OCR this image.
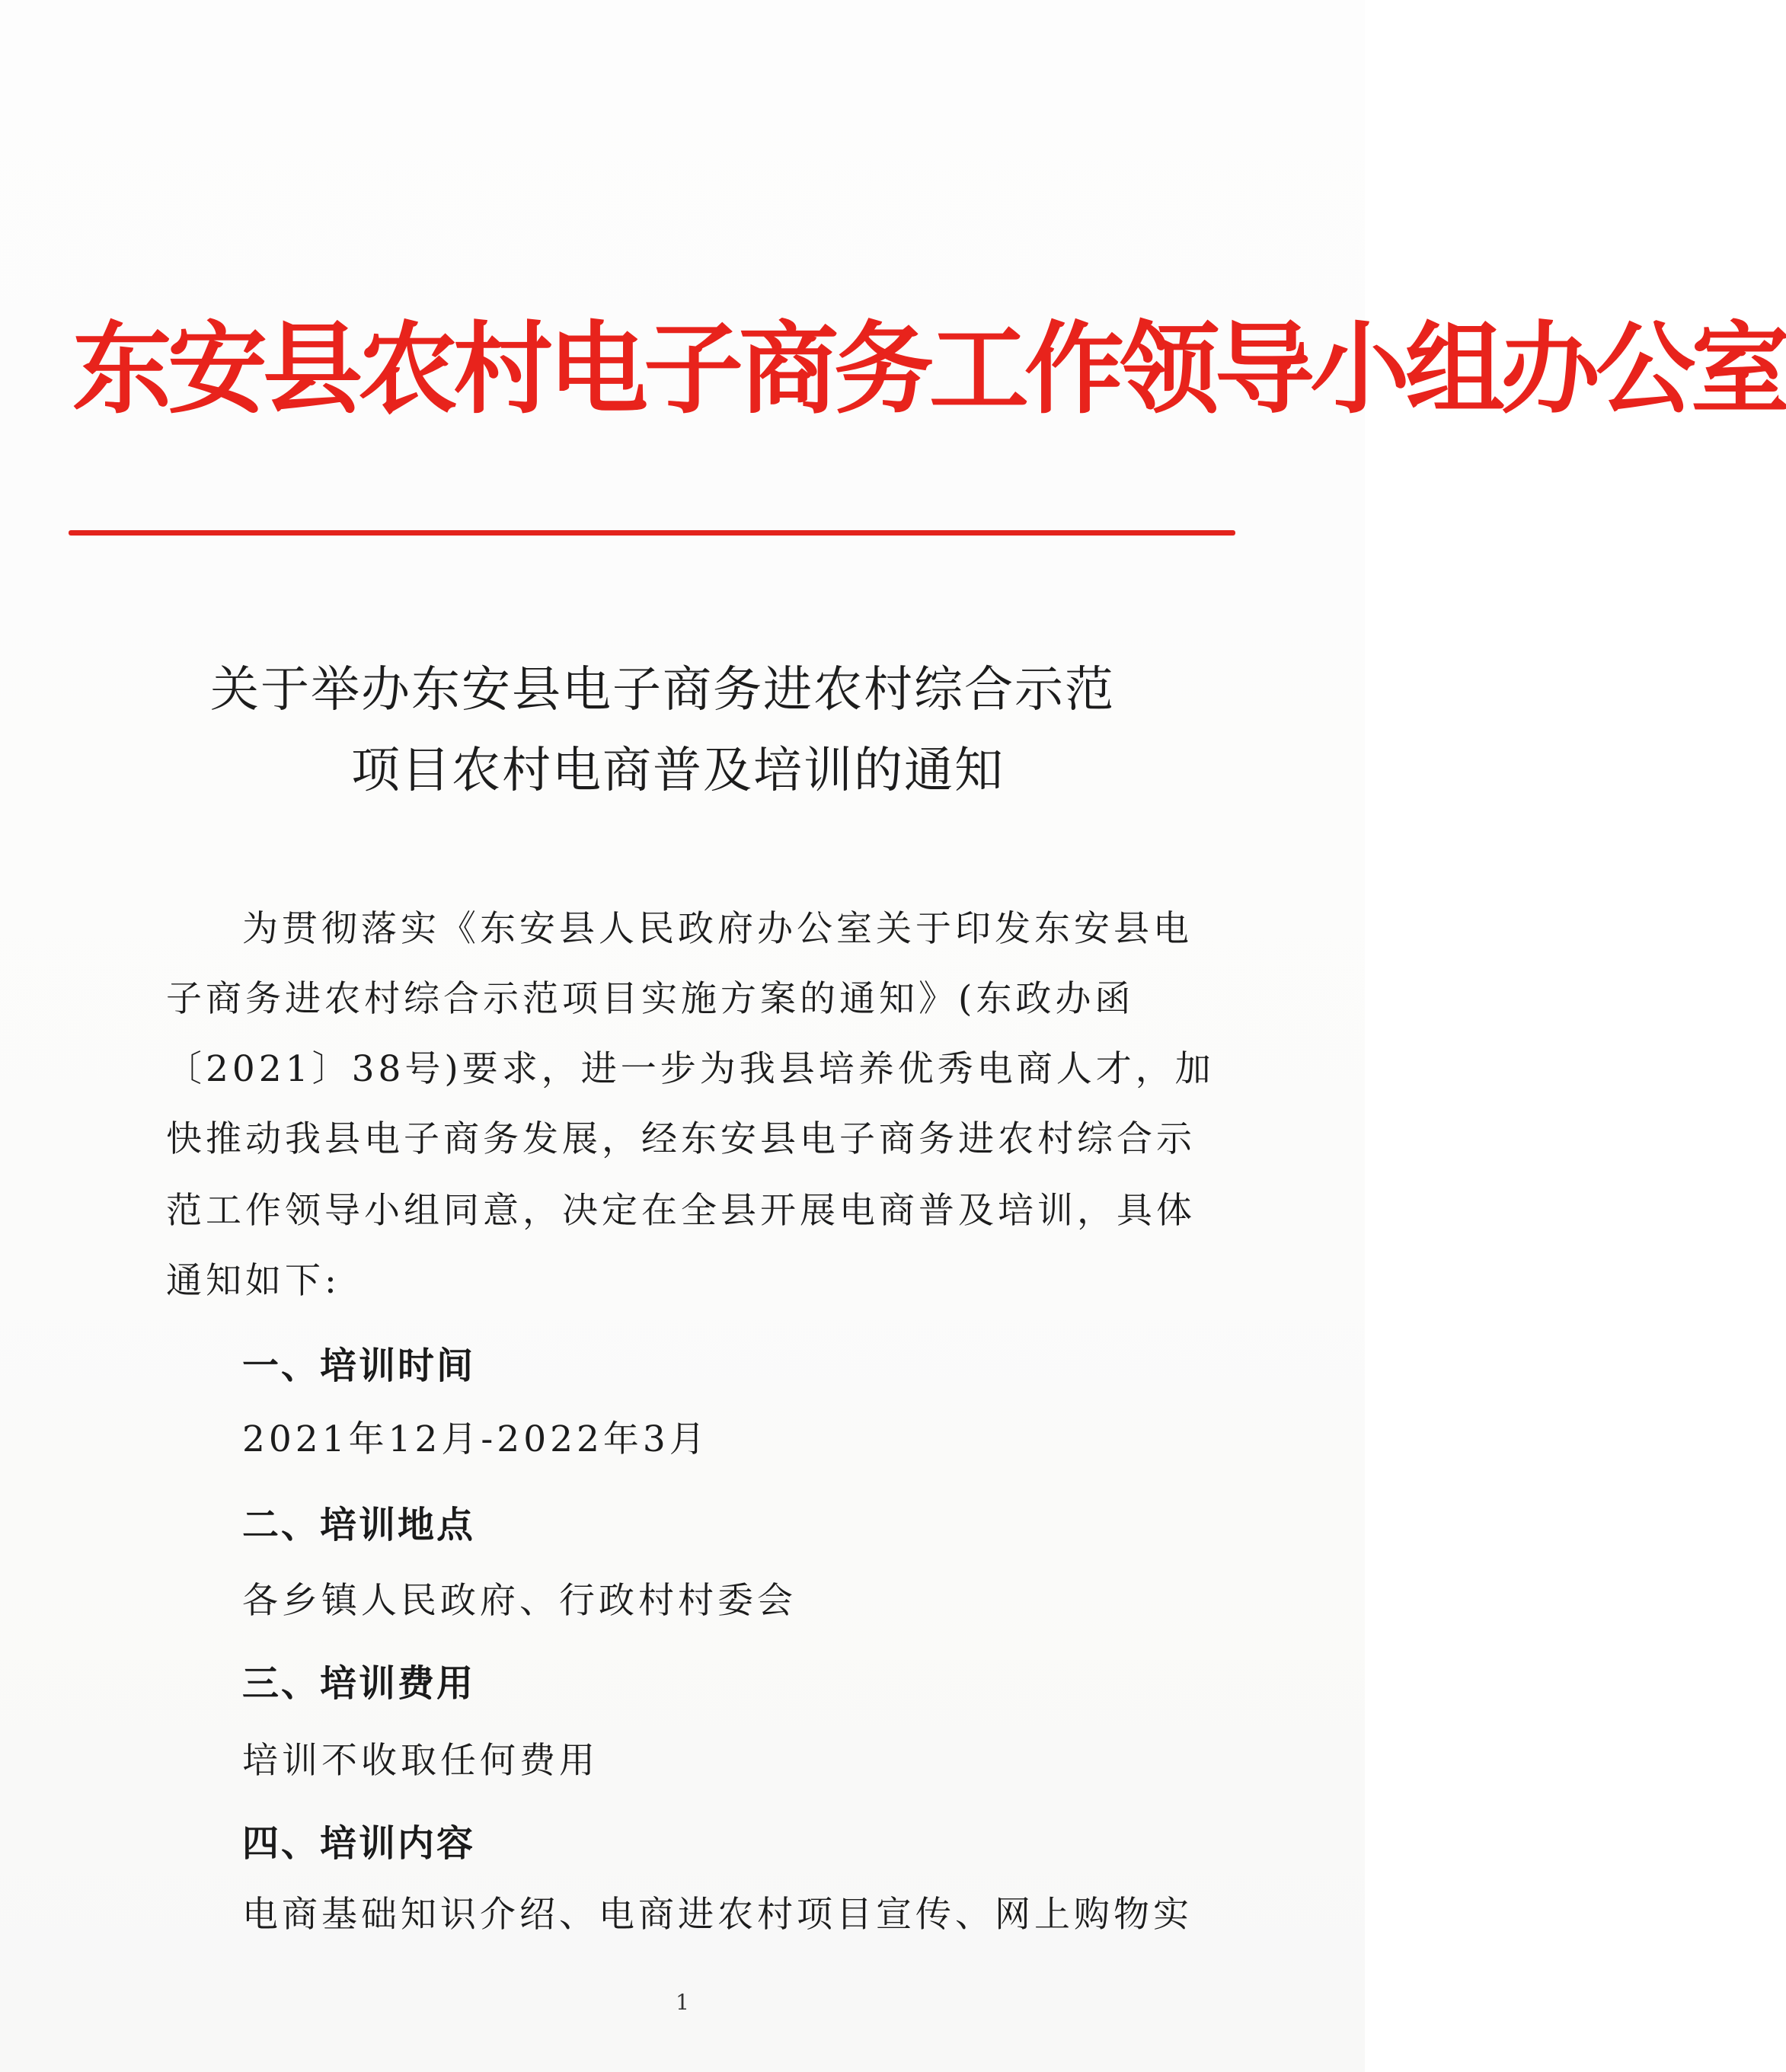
东安县农村电子商务工作领导小组办公室
关于举办东安县电子商务进农村综合示范
项目农村电商普及培训的通知
为贯彻落实《东安县人民政府办公室关于印发东安县电
子商务进农村综合示范项目实施方案的通知》(东政办函
〔2021〕38号)要求，进一步为我县培养优秀电商人才，加
快推动我县电子商务发展，经东安县电子商务进农村综合示
范工作领导小组同意，决定在全县开展电商普及培训，具体
通知如下:
一、培训时间
2021年12月-2022年3月
二、培训地点
各乡镇人民政府、行政村村委会
三、培训费用
培训不收取任何费用
四、培训内容
电商基础知识介绍、电商进农村项目宣传、网上购物实
1
